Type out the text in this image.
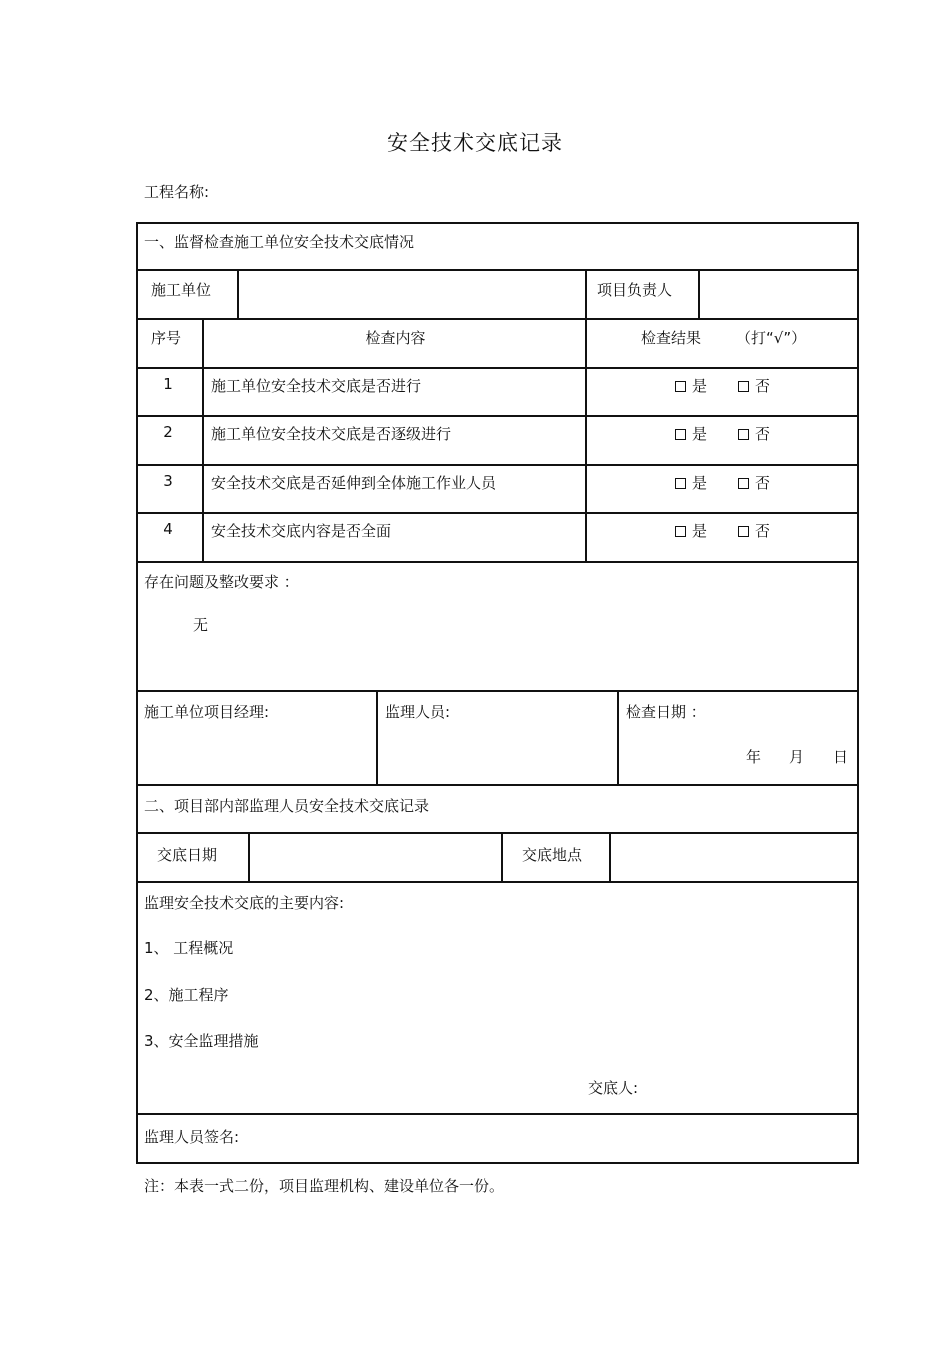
安全技术交底记录
工程名称:
一、监督检查施工单位安全技术交底情况
施工单位	项目负责人
序号	检查内容	检查结果 （打“√”）
1	施工单位安全技术交底是否进行	是	否
2	施工单位安全技术交底是否逐级进行	是	否
3	安全技术交底是否延伸到全体施工作业人员	是	否
4	安全技术交底内容是否全面	是	否
存在问题及整改要求 ：
无
施工单位项目经理:	监理人员:	检查日期 ：
年 月 日
二、项目部内部监理人员安全技术交底记录
交底日期	交底地点
监理安全技术交底的主要内容:
1、 工程概况
2、施工程序
3、安全监理措施
交底人:
监理人员签名:
注：本表一式二份，项目监理机构、建设单位各一份。
